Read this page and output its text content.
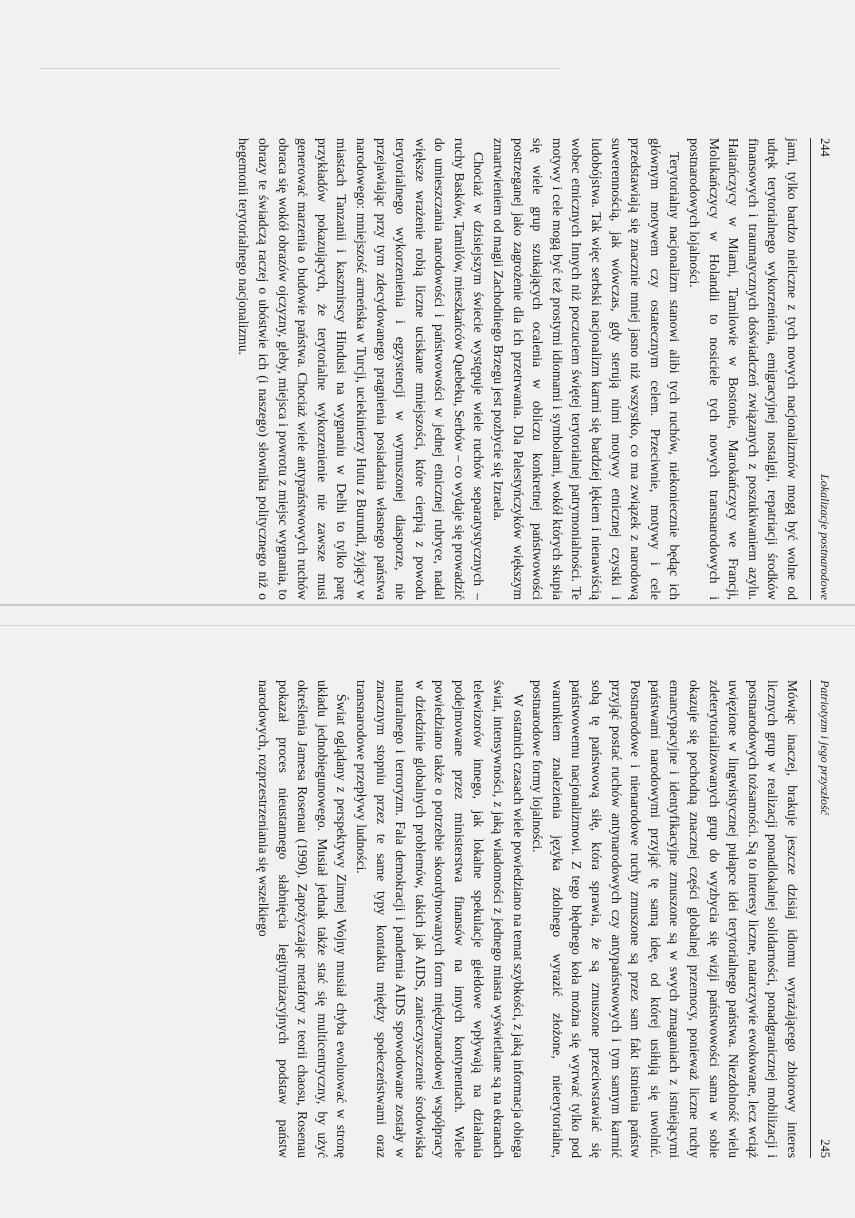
244
Lokalizacje postnarodowe

jami, tylko bardzo nieliczne z tych nowych nacjonalizmów mogą być wolne od udręk terytorialnego wykorzenienia, emigracyjnej nostalgii, repatriacji środków finansowych i traumatycznych doświadczeń związanych z poszukiwaniem azylu. Haitańczycy w Miami, Tamilowie w Bostonie, Marokańczycy we Francji, Molukańczycy w Holandii to nosiciele tych nowych transnarodowych i postnarodowych lojalności.

Terytorialny nacjonalizm stanowi alibi tych ruchów, niekoniecznie będąc ich głównym motywem czy ostatecznym celem. Przeciwnie, motywy i cele przedstawiają się znacznie mniej jasno niż wszystko, co ma związek z narodową suwerennością, jak wówczas, gdy sterują nimi motywy etnicznej czystki i ludobójstwa. Tak więc serbski nacjonalizm karmi się bardziej lękiem i nienawiścią wobec etnicznych Innych niż poczuciem świętej terytorialnej patrymonialności. Te motywy i cele mogą być też prostymi idiomami i symbolami, wokół których skupia się wiele grup szukających ocalenia w obliczu konkretnej państwowości postrzeganej jako zagrożenie dla ich przetrwania. Dla Palestyńczyków większym zmartwieniem od magii Zachodniego Brzegu jest pozbycie się Izraela.

Chociaż w dzisiejszym świecie występuje wiele ruchów separatystycznych – ruchy Basków, Tamilów, mieszkańców Quebeku, Serbów – co wydaje się prowadzić do umieszczania narodowości i państwowości w jednej etnicznej rubryce, nadal większe wrażenie robią liczne uciskane mniejszości, które cierpią z powodu terytorialnego wykorzenienia i egzystencji w wymuszonej diasporze, nie przejawiając przy tym zdecydowanego pragnienia posiadania własnego państwa narodowego: mniejszość armeńska w Turcji, uciekinierzy Hutu z Burundi, żyjący w miastach Tanzanii i kaszmirscy Hindusi na wygnaniu w Delhi to tylko parę przykładów pokazujących, że terytorialne wykorzenienie nie zawsze musi generować marzenia o budowie państwa. Chociaż wiele antypaństwowych ruchów obraca się wokół obrazów ojczyzny, gleby, miejsca i powrotu z miejsc wygnania, to obrazy te świadczą raczej o ubóstwie ich (i naszego) słownika politycznego niż o hegemonii terytorialnego nacjonalizmu.

Patriotyzm i jego przyszłość
245

Mówiąc inaczej, brakuje jeszcze dzisiaj idiomu wyrażającego zbiorowy interes licznych grup w realizacji ponadlokalnej solidarności, ponadgranicznej mobilizacji i postnarodowych tożsamości. Są to interesy liczne, natarczywie ewokowane, lecz wciąż uwięzione w lingwistycznej pułapce idei terytorialnego państwa. Niezdolność wielu zdeterytorializowanych grup do wyzbycia się wizji państwowości sama w sobie okazuje się pochodną znacznej części globalnej przemocy, ponieważ liczne ruchy emancypacyjne i identyfikacyjne zmuszone są w swych zmaganiach z istniejącymi państwami narodowymi przyjąć tę samą ideę, od której usiłują się uwolnić. Postnarodowe i nienarodowe ruchy zmuszone są przez sam fakt istnienia państw przyjąć postać ruchów antynarodowych czy antypaństwowych i tym samym karmić sobą tę państwową siłę, która sprawia, że są zmuszone przeciwstawiać się państwowemu nacjonalizmowi. Z tego błędnego koła można się wyrwać tylko pod warunkiem znalezienia języka zdolnego wyrazić złożone, nieterytorialne, postnarodowe formy lojalności.

W ostatnich czasach wiele powiedziano na temat szybkości, z jaką informacja obiega świat, intensywności, z jaką wiadomości z jednego miasta wyświetlane są na ekranach telewizorów innego, jak lokalne spekulacje giełdowe wpływają na działania podejmowane przez ministerstwa finansów na innych kontynentach. Wiele powiedziano także o potrzebie skoordynowanych form międzynarodowej współpracy w dziedzinie globalnych problemów, takich jak AIDS, zanieczyszczenie środowiska naturalnego i terroryzm. Fala demokracji i pandemia AIDS spowodowane zostały w znacznym stopniu przez te same typy kontaktu między społeczeństwami oraz transnarodowe przepływy ludności.

Świat oglądany z perspektywy Zimnej Wojny musiał chyba ewoluować w stronę układu jednobiegunowego. Musiał jednak także stać się multicentryczny, by użyć określenia Jamesa Rosenau (1990). Zapożyczając metafory z teorii chaosu, Rosenau pokazał proces nieustannego słabnięcia legitymizacyjnych podstaw państw narodowych, rozprzestrzeniania się wszelkiego
